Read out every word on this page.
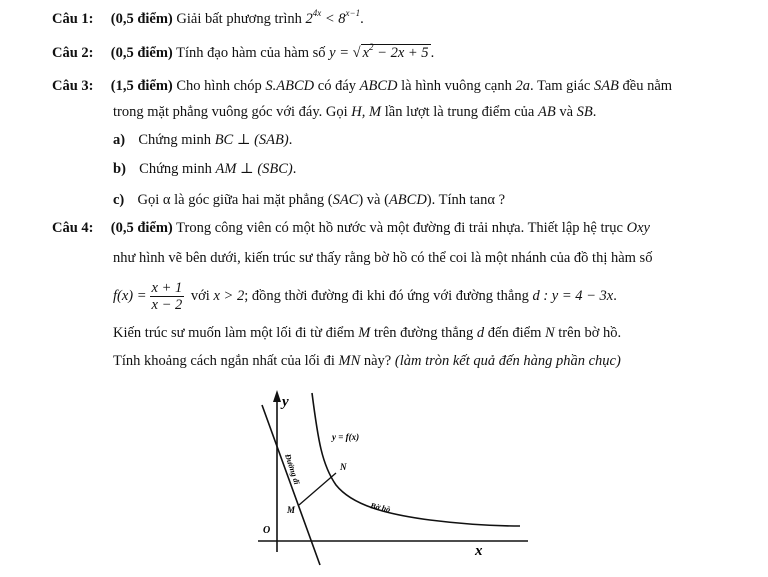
Câu 1: (0,5 điểm) Giải bất phương trình $2^{4x} < 8^{x-1}$.
Câu 2: (0,5 điểm) Tính đạo hàm của hàm số y = √ $x^2 - 2x + 5$ .
Câu 3: (1,5 điểm) Cho hình chóp S.ABCD có đáy ABCD là hình vuông cạnh 2a. Tam giác SAB đều nằm
trong mặt phẳng vuông góc với đáy. Gọi H, M lần lượt là trung điểm của AB và SB.
a) Chứng minh BC ⊥ (SAB).
b) Chứng minh AM ⊥ (SBC).
c) Gọi α là góc giữa hai mặt phẳng (SAC) và (ABCD). Tính tanα ?
Câu 4: (0,5 điểm) Trong công viên có một hồ nước và một đường đi trải nhựa. Thiết lập hệ trục Oxy
như hình vẽ bên dưới, kiến trúc sư thấy rằng bờ hồ có thể coi là một nhánh của đồ thị hàm số
$f(x) = \frac{x + 1}{x - 2}$ với x > 2; đồng thời đường đi khi đó ứng với đường thẳng d : y = 4 − 3x.
Kiến trúc sư muốn làm một lối đi từ điểm M trên đường thẳng d đến điểm N trên bờ hồ.
Tính khoảng cách ngắn nhất của lối đi MN này? (làm tròn kết quả đến hàng phần chục)
y
x
O
y = f(x)
N
M	Bờ hồ
Đường đi
